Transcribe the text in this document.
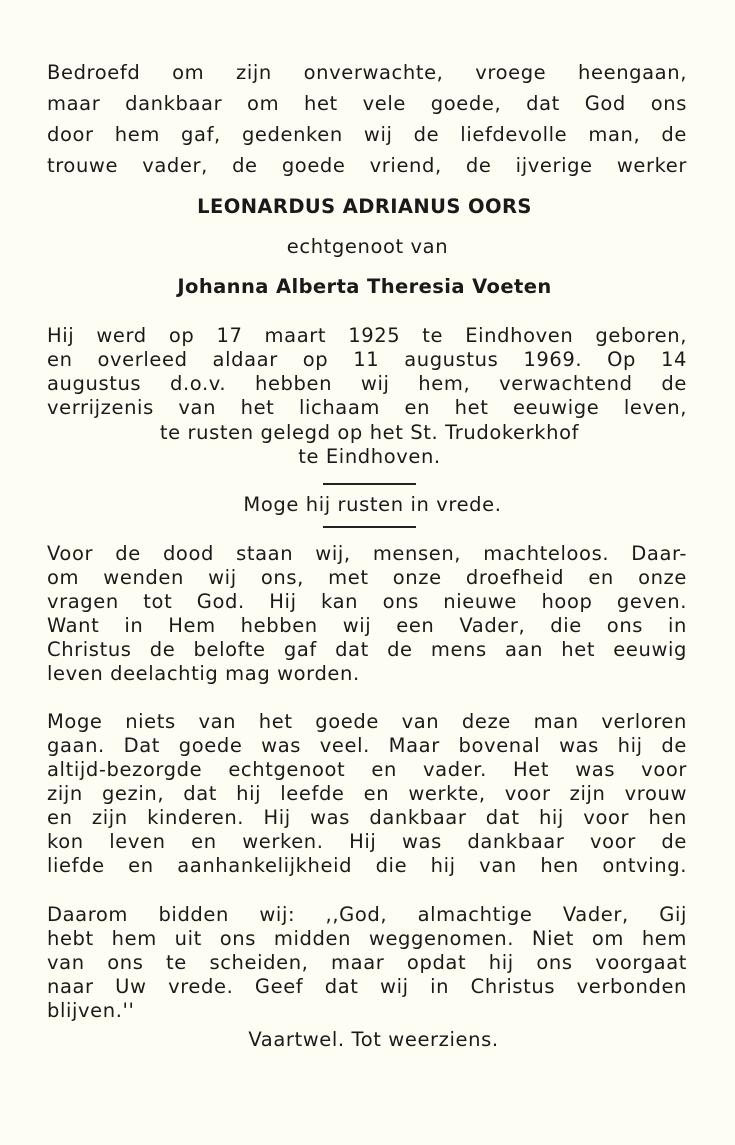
Bedroefd om zijn onverwachte, vroege heengaan,
maar dankbaar om het vele goede, dat God ons
door hem gaf, gedenken wij de liefdevolle man, de
trouwe vader, de goede vriend, de ijverige werker
LEONARDUS ADRIANUS OORS
echtgenoot van
Johanna Alberta Theresia Voeten
Hij werd op 17 maart 1925 te Eindhoven geboren,
en overleed aldaar op 11 augustus 1969. Op 14
augustus d.o.v. hebben wij hem, verwachtend de
verrijzenis van het lichaam en het eeuwige leven,
te rusten gelegd op het St. Trudokerkhof
te Eindhoven.
Moge hij rusten in vrede.
Voor de dood staan wij, mensen, machteloos. Daar-
om wenden wij ons, met onze droefheid en onze
vragen tot God. Hij kan ons nieuwe hoop geven.
Want in Hem hebben wij een Vader, die ons in
Christus de belofte gaf dat de mens aan het eeuwig
leven deelachtig mag worden.
Moge niets van het goede van deze man verloren
gaan. Dat goede was veel. Maar bovenal was hij de
altijd-bezorgde echtgenoot en vader. Het was voor
zijn gezin, dat hij leefde en werkte, voor zijn vrouw
en zijn kinderen. Hij was dankbaar dat hij voor hen
kon leven en werken. Hij was dankbaar voor de
liefde en aanhankelijkheid die hij van hen ontving.
Daarom bidden wij: ,,God, almachtige Vader, Gij
hebt hem uit ons midden weggenomen. Niet om hem
van ons te scheiden, maar opdat hij ons voorgaat
naar Uw vrede. Geef dat wij in Christus verbonden
blijven.''
Vaartwel. Tot weerziens.
